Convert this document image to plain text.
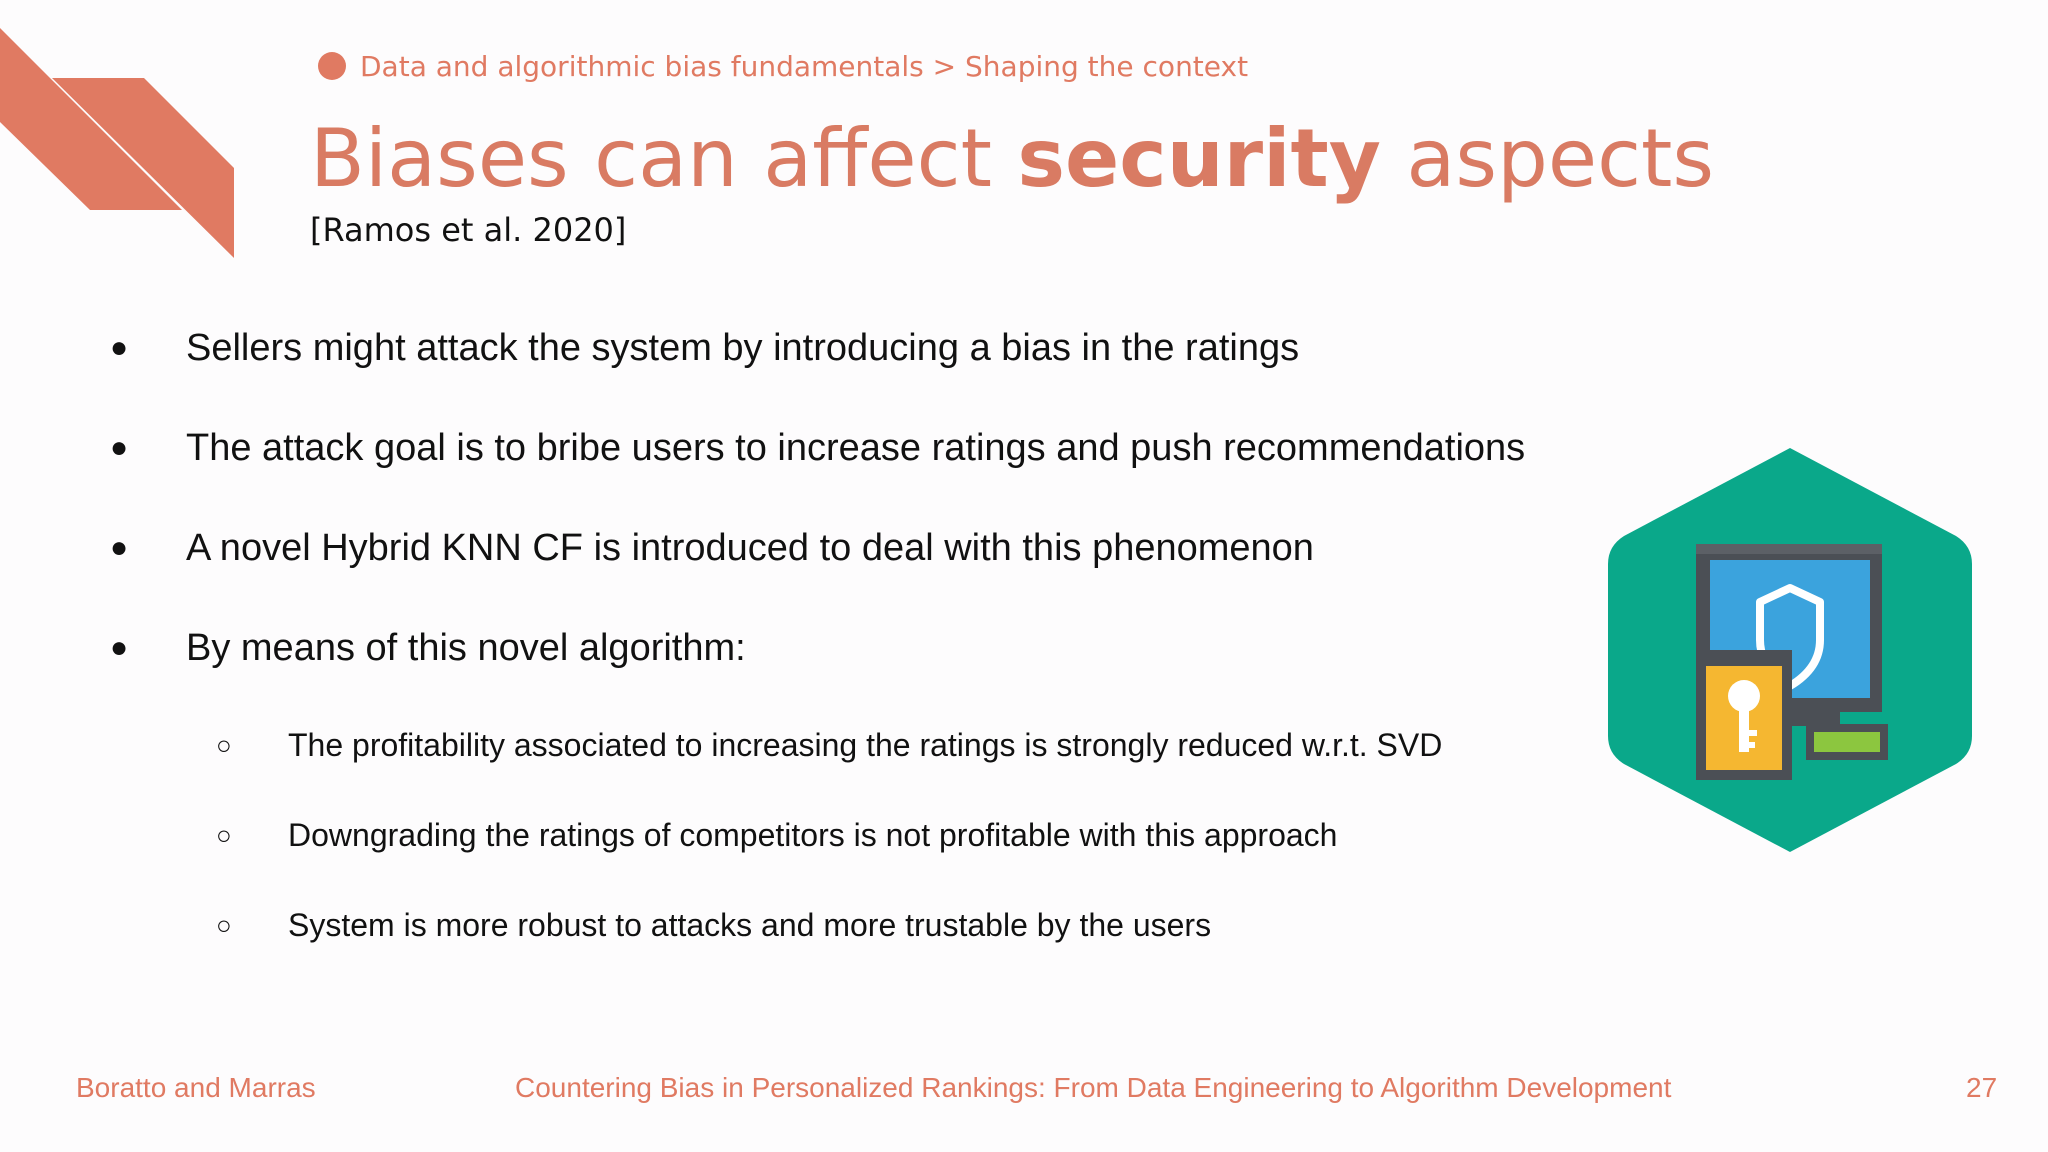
Data and algorithmic bias fundamentals > Shaping the context
Biases can affect security aspects
[Ramos et al. 2020]
●	Sellers might attack the system by introducing a bias in the ratings
●	The attack goal is to bribe users to increase ratings and push recommendations
●	A novel Hybrid KNN CF is introduced to deal with this phenomenon
●	By means of this novel algorithm:
○	The profitability associated to increasing the ratings is strongly reduced w.r.t. SVD
○	Downgrading the ratings of competitors is not profitable with this approach
○	System is more robust to attacks and more trustable by the users
Boratto and Marras	Countering Bias in Personalized Rankings: From Data Engineering to Algorithm Development	27
